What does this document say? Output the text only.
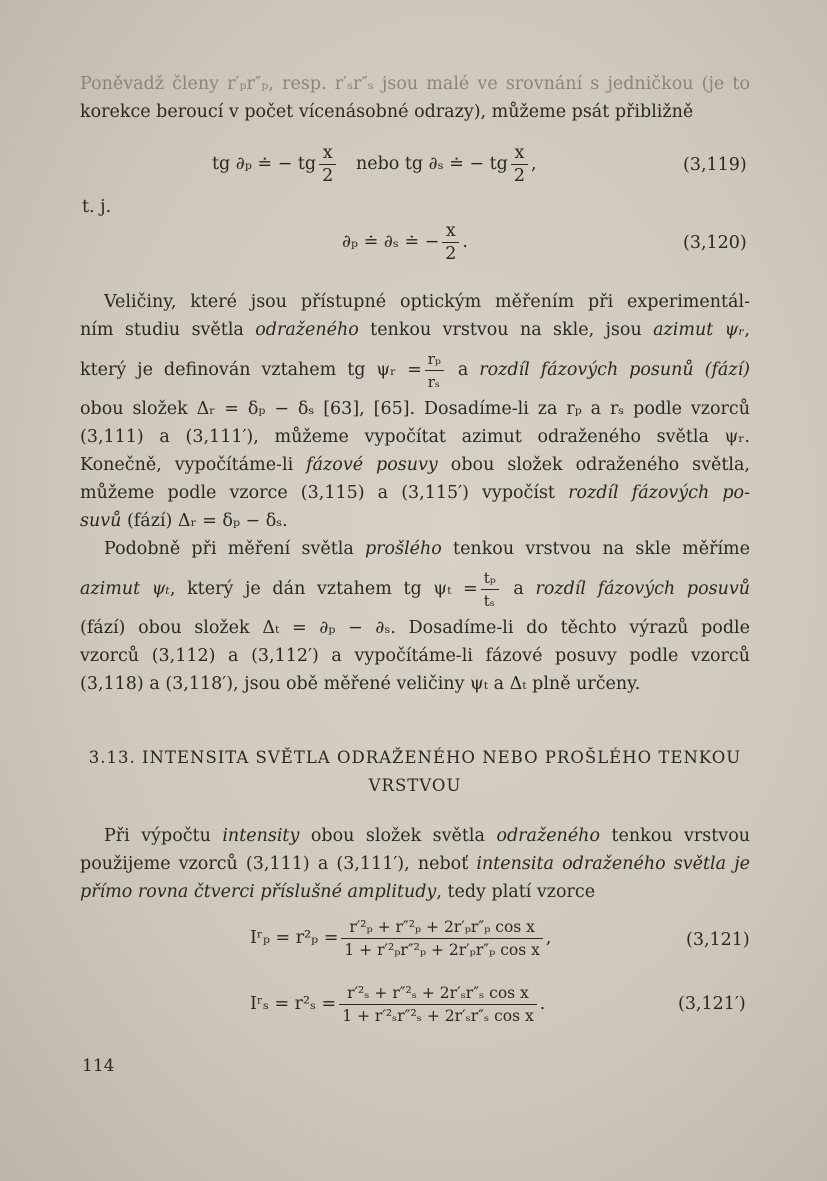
Poněvadž členy r′ₚr″ₚ, resp. r′ₛr″ₛ jsou malé ve srovnání s jedničkou (je to
korekce beroucí v počet vícenásobné odrazy), můžeme psát přibližně
tg ∂ₚ ≐ − tg $\frac{x}{2}$ nebo tg ∂ₛ ≐ − tg $\frac{x}{2}$ ,	(3,119)
t. j.
∂ₚ ≐ ∂ₛ ≐ − $\frac{x}{2}$ .	(3,120)
Veličiny, které jsou přístupné optickým měřením při experimentál-
ním studiu světla odraženého tenkou vrstvou na skle, jsou azimut ψᵣ,
který je definován vztahem tg ψᵣ = $\frac{\text{rₚ}}{\text{rₛ}}$ a rozdíl fázových posunů (fází)
obou složek Δᵣ = δₚ − δₛ [63], [65]. Dosadíme-li za rₚ a rₛ podle vzorců
(3,111) a (3,111′), můžeme vypočítat azimut odraženého světla ψᵣ.
Konečně, vypočítáme-li fázové posuvy obou složek odraženého světla,
můžeme podle vzorce (3,115) a (3,115′) vypočíst rozdíl fázových po-
suvů (fází) Δᵣ = δₚ − δₛ.
Podobně při měření světla prošlého tenkou vrstvou na skle měříme
azimut ψₜ, který je dán vztahem tg $\psi_t = \frac{\text{tₚ}}{\text{tₛ}}$ a rozdíl fázových posuvů
(fází) obou složek Δₜ = ∂ₚ − ∂ₛ. Dosadíme-li do těchto výrazů podle
vzorců (3,112) a (3,112′) a vypočítáme-li fázové posuvy podle vzorců
(3,118) a (3,118′), jsou obě měřené veličiny ψₜ a Δₜ plně určeny.
3.13. INTENSITA SVĚTLA ODRAŽENÉHO NEBO PROŠLÉHO TENKOU
VRSTVOU
Při výpočtu intensity obou složek světla odraženého tenkou vrstvou
použijeme vzorců (3,111) a (3,111′), neboť intensita odraženého světla je
přímo rovna čtverci příslušné amplitudy, tedy platí vzorce
Iʳₚ = $r^2_p = \frac{\text{r′²ₚ + r″²ₚ + 2r′ₚr″ₚ cos x}}{\text{1 + r′²ₚr″²ₚ + 2r′ₚr″ₚ cos x}}$ ,	(3,121)
Iʳₛ = $r^2_s = \frac{\text{r′²ₛ + r″²ₛ + 2r′ₛr″ₛ cos x}}{\text{1 + r′²ₛr″²ₛ + 2r′ₛr″ₛ cos x}}$ .	(3,121′)
114
